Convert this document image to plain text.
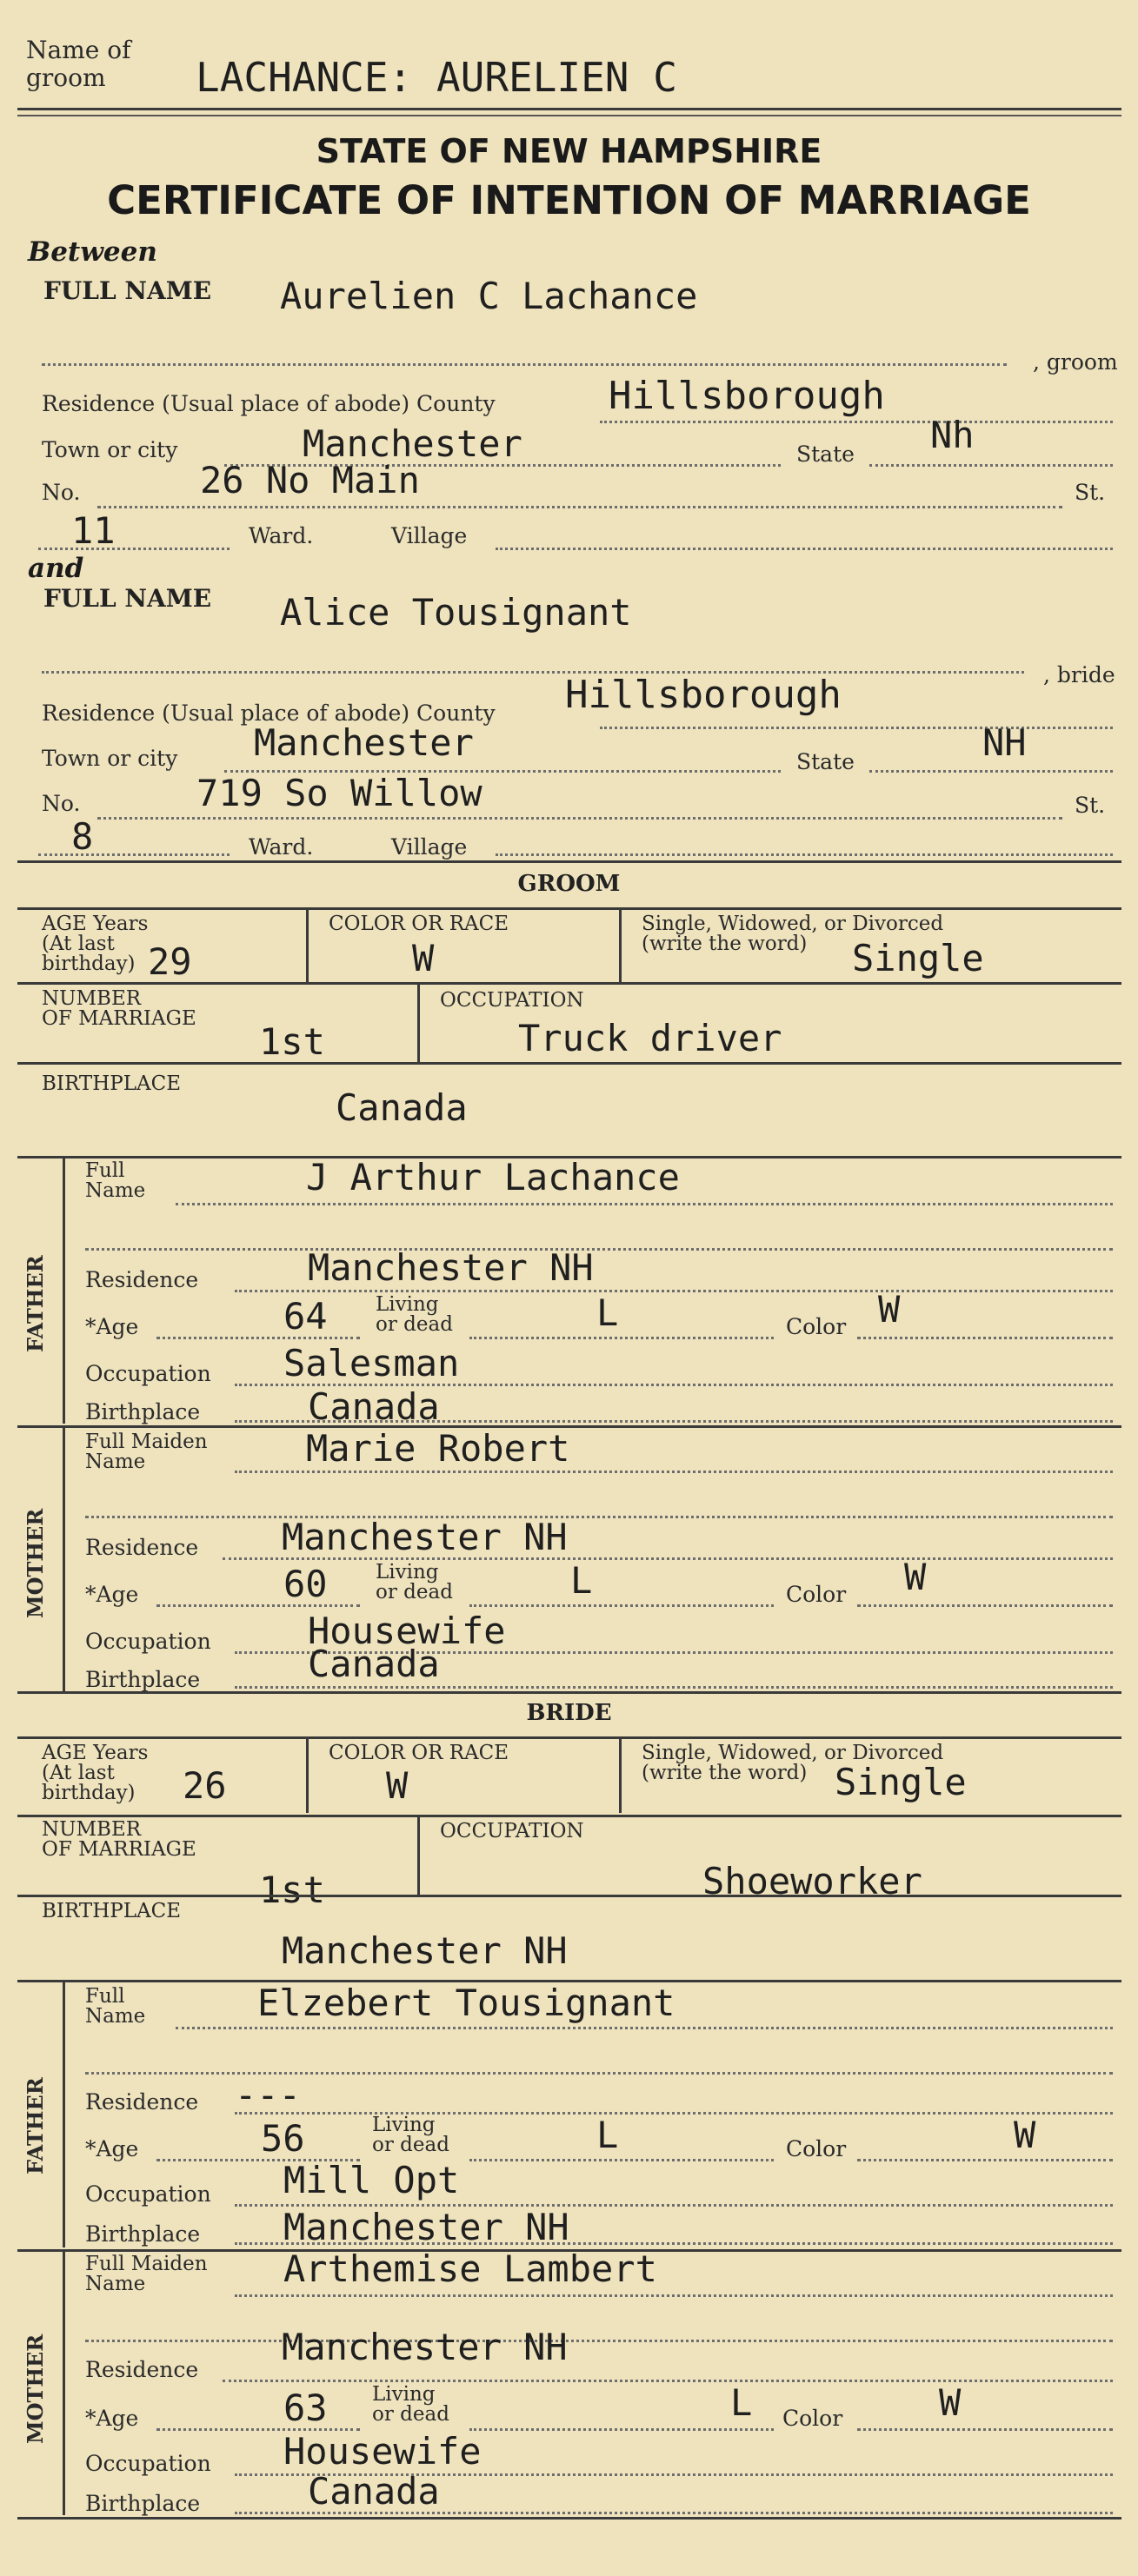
Name of
groom	LACHANCE: AURELIEN C
STATE OF NEW HAMPSHIRE
CERTIFICATE OF INTENTION OF MARRIAGE
Between
FULL NAME Aurelien C Lachance
, groom
Residence (Usual place of abode) County	Hillsborough
Town or city	Manchester	State Nh
No.	26 No Main	St.
11	Ward.	Village
and
FULL NAME Alice Tousignant
, bride
Residence (Usual place of abode) County Hillsborough
Town or city Manchester	State	NH
No.	719 So Willow	St.
8	Ward.	Village
GROOM
AGE Years
(At last
birthday) 29
COLOR OR RACE
W
Single, Widowed, or Divorced
(write the word)	Single
NUMBER
OF MARRIAGE
1st
OCCUPATION
Truck driver
BIRTHPLACE
Canada
FATHER
Full
Name	J Arthur Lachance
Residence	Manchester NH
*Age	64 Living
or dead	L	Color W
Occupation Salesman
Birthplace	Canada
MOTHER
Full Maiden
Name	Marie Robert
Residence Manchester NH
*Age	60 Living
or dead	L	Color W
Occupation	Housewife
Birthplace	Canada
BRIDE
AGE Years
(At last
birthday)	26
COLOR OR RACE
W
Single, Widowed, or Divorced
(write the word) Single
NUMBER
OF MARRIAGE
1st
OCCUPATION
Shoeworker
BIRTHPLACE
Manchester NH
FATHER
Full
Name	Elzebert Tousignant
Residence ---
*Age	56	Living
or dead	L	Color	W
Occupation Mill Opt
Birthplace Manchester NH
MOTHER
Full Maiden
Name	Arthemise Lambert
Residence
Manchester NH
*Age	63 Living
or dead	L Color	W
Occupation Housewife
Birthplace	Canada
